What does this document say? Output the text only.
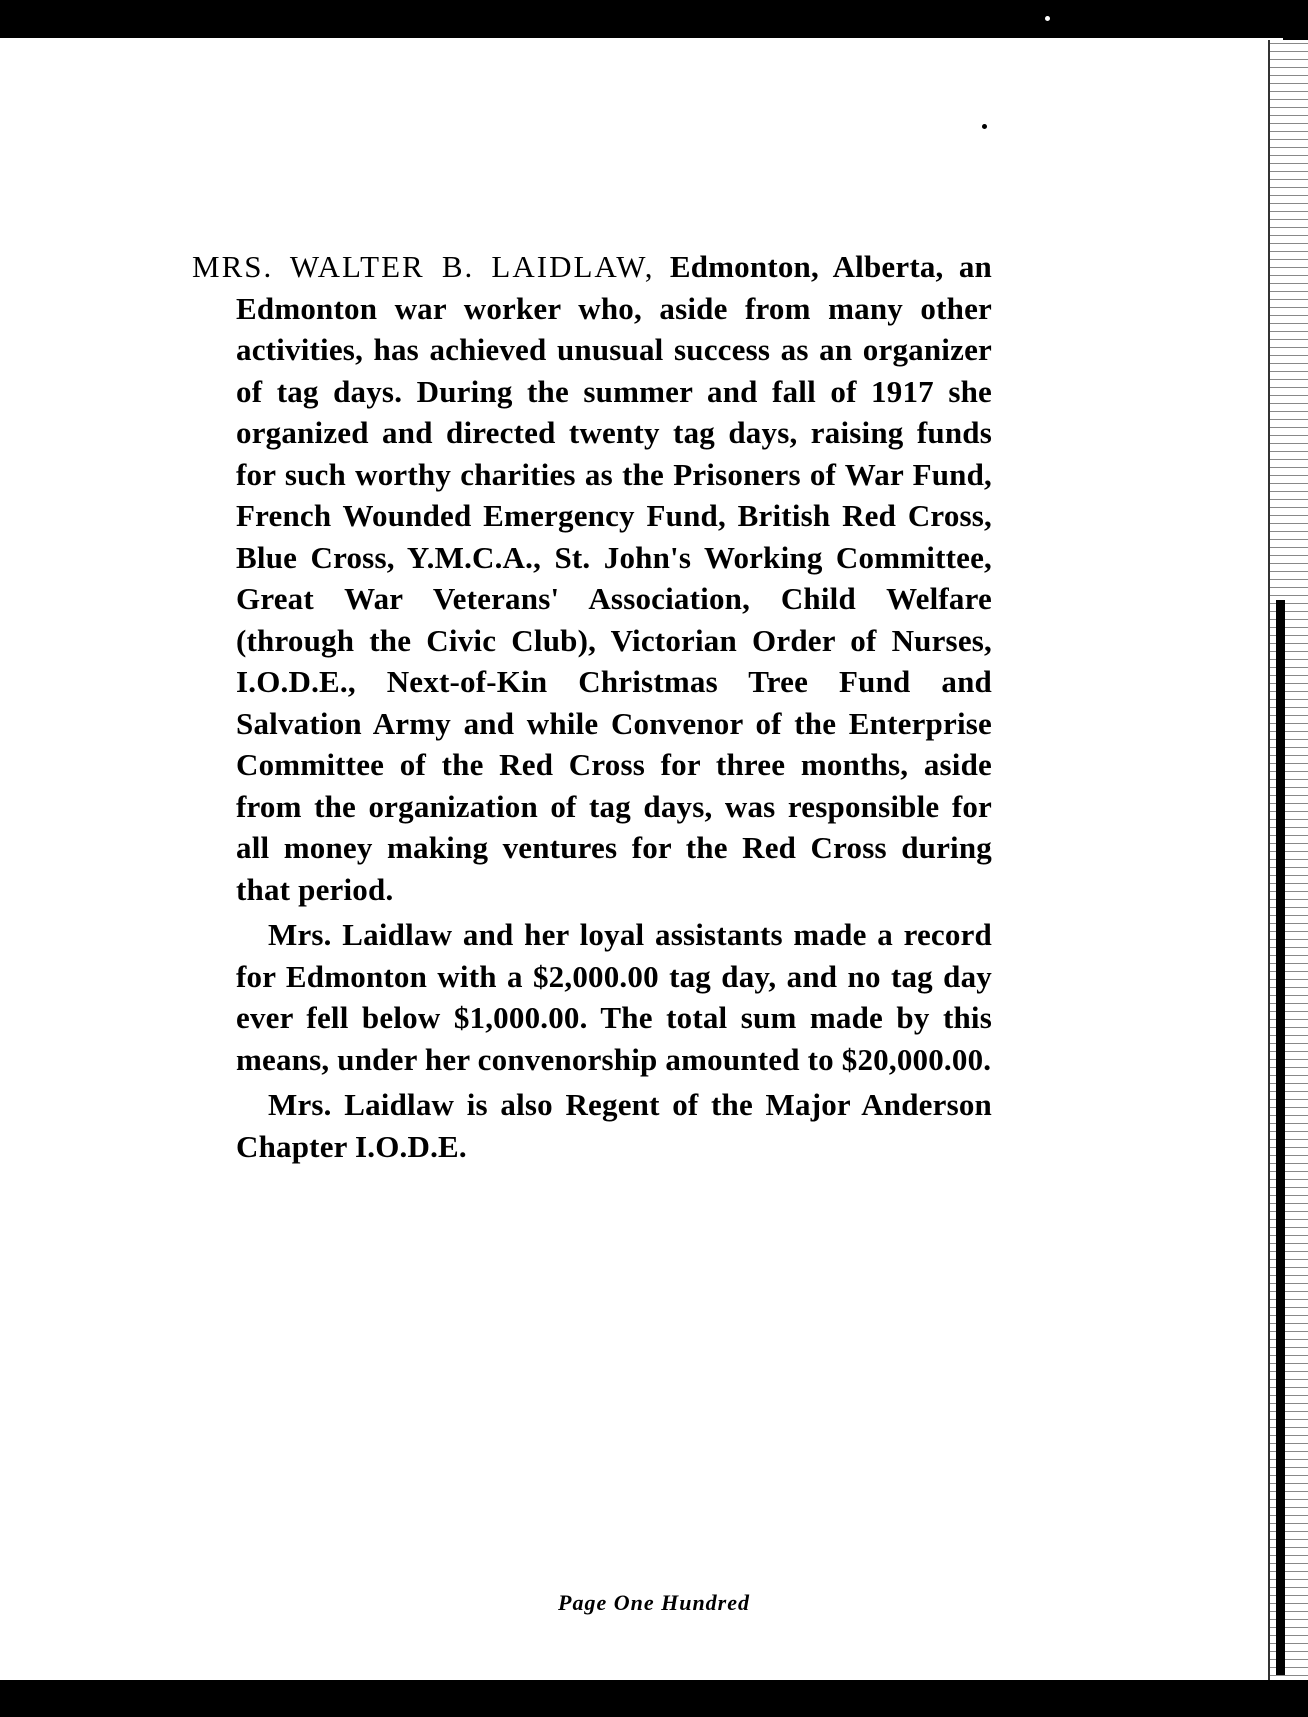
MRS. WALTER B. LAIDLAW, Edmonton, Alberta, an Edmonton war worker who, aside from many other activities, has achieved unusual success as an organizer of tag days. During the summer and fall of 1917 she organized and directed twenty tag days, raising funds for such worthy charities as the Prisoners of War Fund, French Wounded Emergency Fund, British Red Cross, Blue Cross, Y.M.C.A., St. John's Working Committee, Great War Veterans' Association, Child Welfare (through the Civic Club), Victorian Order of Nurses, I.O.D.E., Next-of-Kin Christmas Tree Fund and Salvation Army and while Convenor of the Enterprise Committee of the Red Cross for three months, aside from the organization of tag days, was responsible for all money making ventures for the Red Cross during that period.

Mrs. Laidlaw and her loyal assistants made a record for Edmonton with a $2,000.00 tag day, and no tag day ever fell below $1,000.00. The total sum made by this means, under her convenorship amounted to $20,000.00.

Mrs. Laidlaw is also Regent of the Major Anderson Chapter I.O.D.E.

Page One Hundred
